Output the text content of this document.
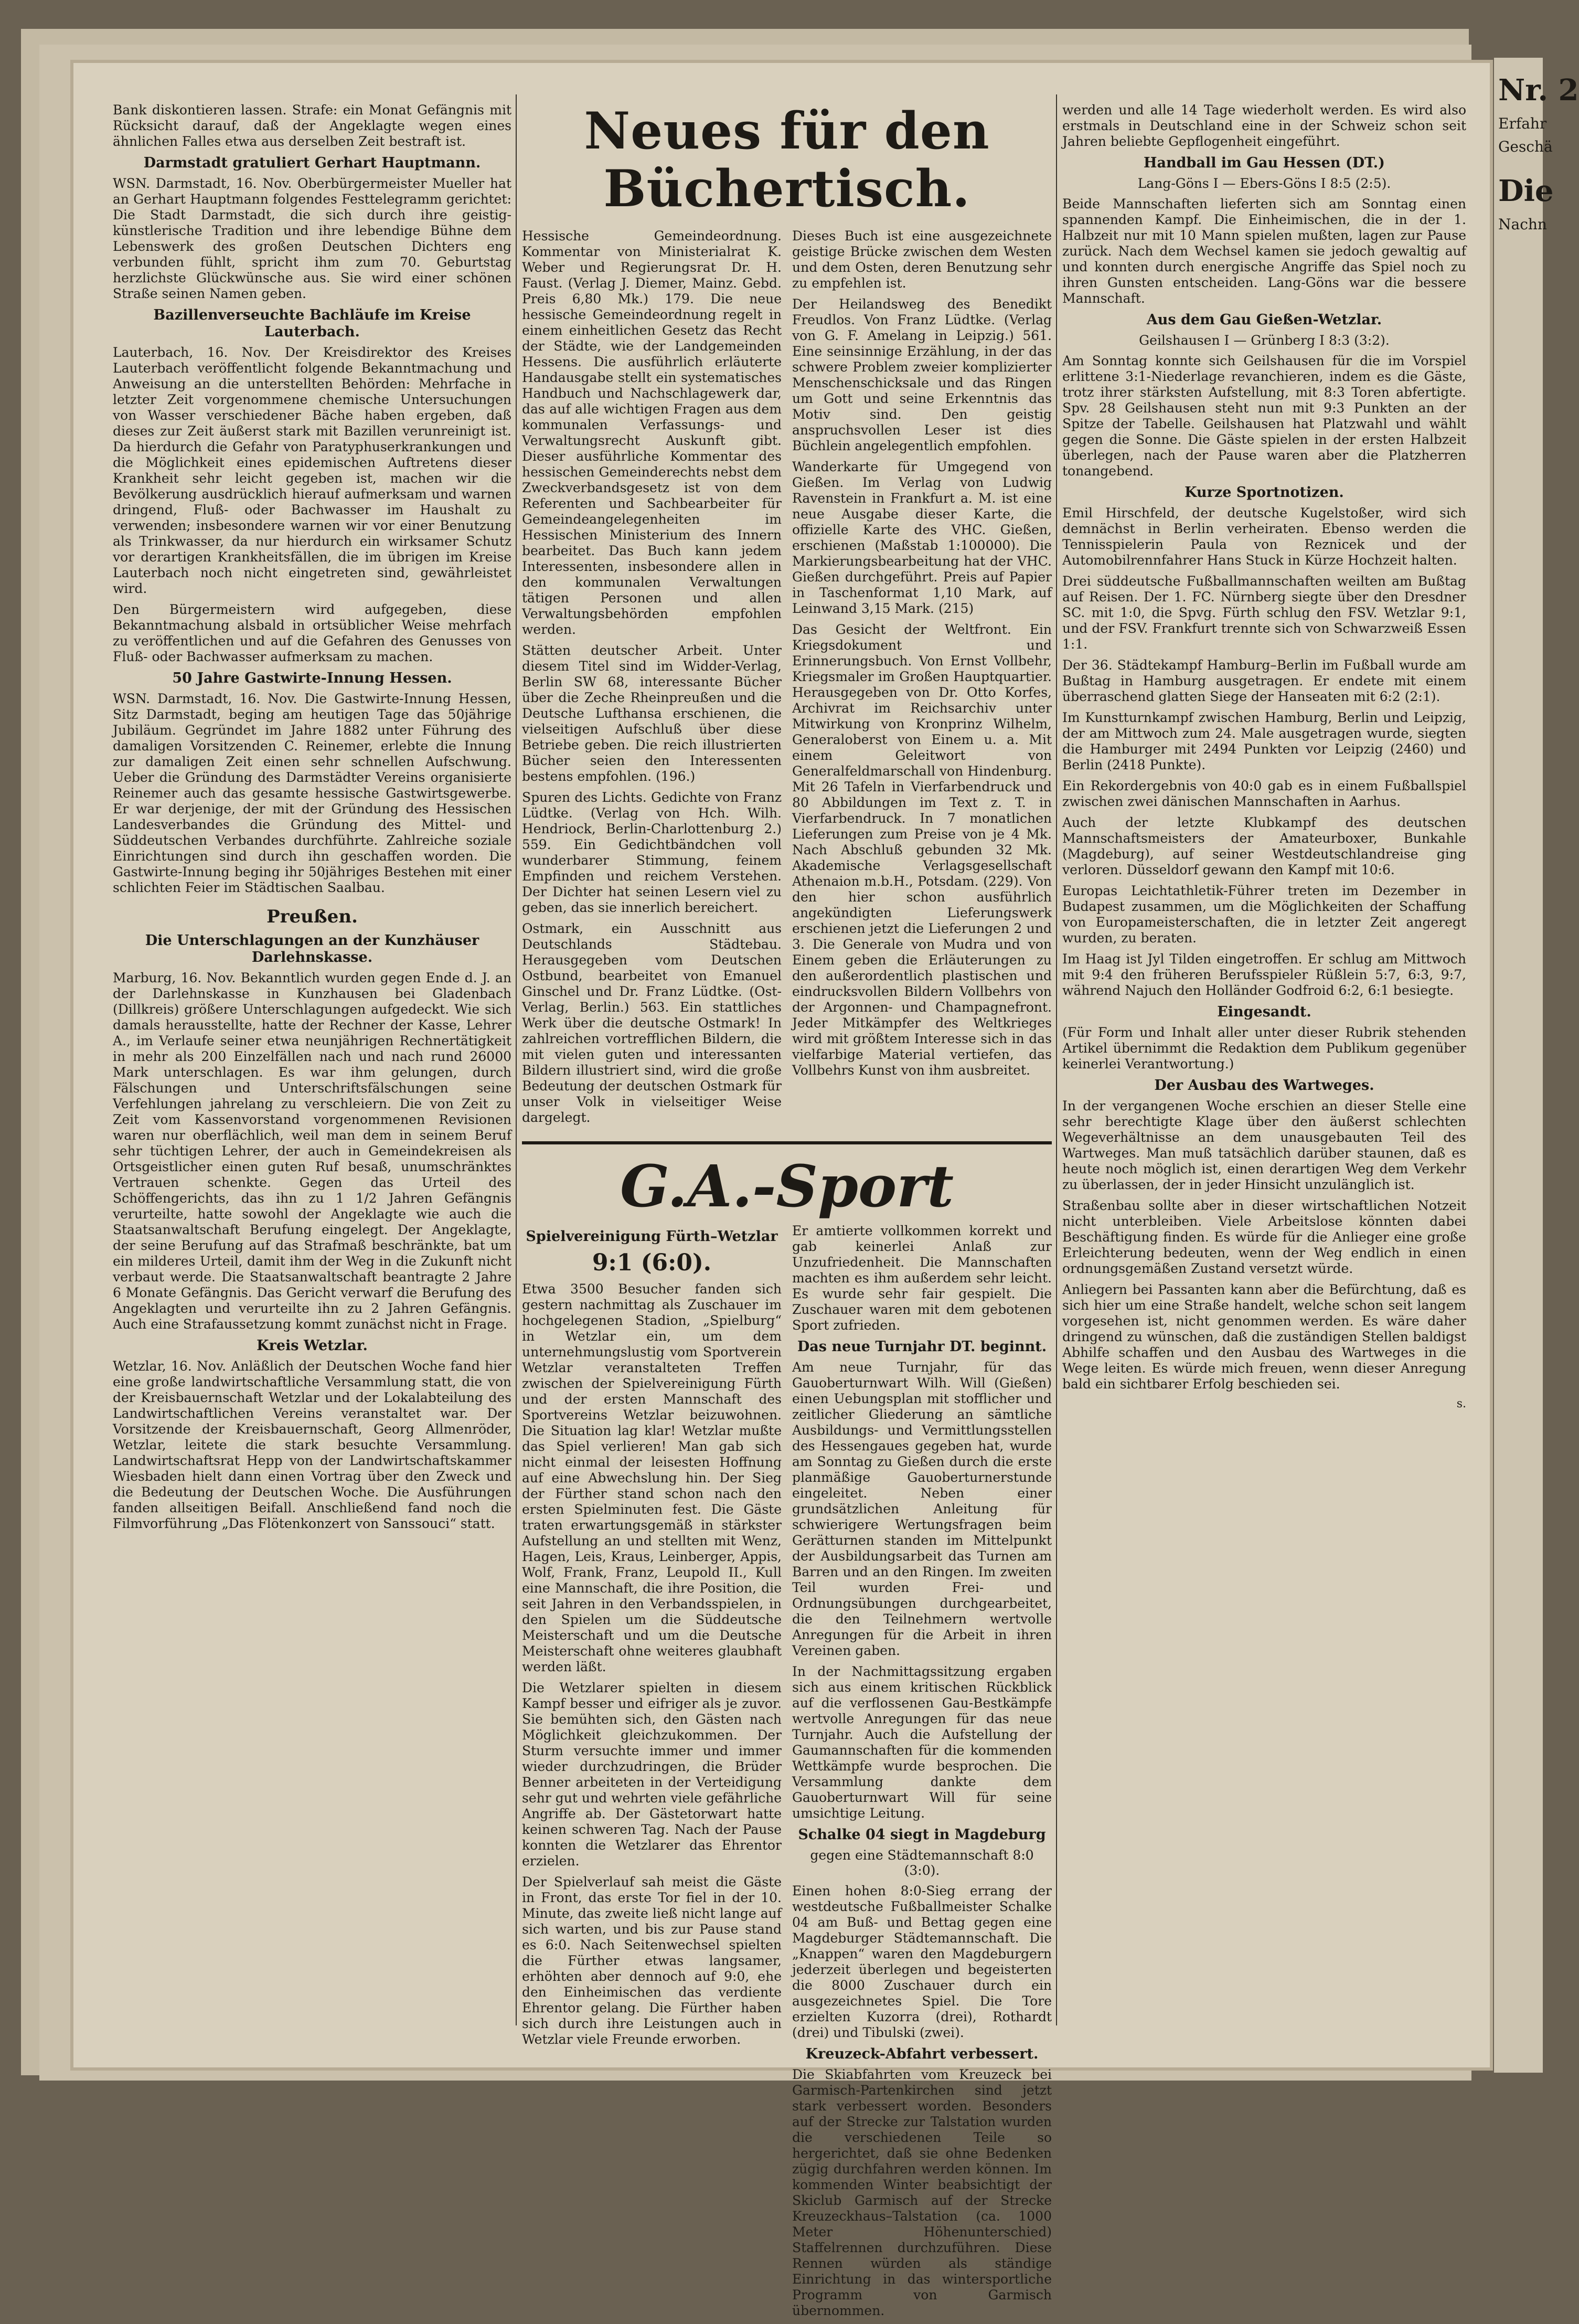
Bank diskontieren lassen. Strafe: ein Monat Gefängnis mit Rücksicht darauf, daß der Angeklagte wegen eines ähnlichen Falles etwa aus derselben Zeit bestraft ist.

Darmstadt gratuliert Gerhart Hauptmann.

WSN. Darmstadt, 16. Nov. Oberbürgermeister Mueller hat an Gerhart Hauptmann folgendes Festtelegramm gerichtet: Die Stadt Darmstadt, die sich durch ihre geistig-künstlerische Tradition und ihre lebendige Bühne dem Lebenswerk des großen Deutschen Dichters eng verbunden fühlt, spricht ihm zum 70. Geburtstag herzlichste Glückwünsche aus. Sie wird einer schönen Straße seinen Namen geben.

Bazillenverseuchte Bachläufe im Kreise Lauterbach.

Lauterbach, 16. Nov. Der Kreisdirektor des Kreises Lauterbach veröffentlicht folgende Bekanntmachung und Anweisung an die unterstellten Behörden: Mehrfache in letzter Zeit vorgenommene chemische Untersuchungen von Wasser verschiedener Bäche haben ergeben, daß dieses zur Zeit äußerst stark mit Bazillen verunreinigt ist. Da hierdurch die Gefahr von Paratyphuserkrankungen und die Möglichkeit eines epidemischen Auftretens dieser Krankheit sehr leicht gegeben ist, machen wir die Bevölkerung ausdrücklich hierauf aufmerksam und warnen dringend, Fluß- oder Bachwasser im Haushalt zu verwenden; insbesondere warnen wir vor einer Benutzung als Trinkwasser, da nur hierdurch ein wirksamer Schutz vor derartigen Krankheitsfällen, die im übrigen im Kreise Lauterbach noch nicht eingetreten sind, gewährleistet wird.

Den Bürgermeistern wird aufgegeben, diese Bekanntmachung alsbald in ortsüblicher Weise mehrfach zu veröffentlichen und auf die Gefahren des Genusses von Fluß- oder Bachwasser aufmerksam zu machen.

50 Jahre Gastwirte-Innung Hessen.

WSN. Darmstadt, 16. Nov. Die Gastwirte-Innung Hessen, Sitz Darmstadt, beging am heutigen Tage das 50jährige Jubiläum. Gegründet im Jahre 1882 unter Führung des damaligen Vorsitzenden C. Reinemer, erlebte die Innung zur damaligen Zeit einen sehr schnellen Aufschwung. Ueber die Gründung des Darmstädter Vereins organisierte Reinemer auch das gesamte hessische Gastwirtsgewerbe. Er war derjenige, der mit der Gründung des Hessischen Landesverbandes die Gründung des Mittel- und Süddeutschen Verbandes durchführte. Zahlreiche soziale Einrichtungen sind durch ihn geschaffen worden. Die Gastwirte-Innung beging ihr 50jähriges Bestehen mit einer schlichten Feier im Städtischen Saalbau.

Preußen.
Die Unterschlagungen an der Kunzhäuser Darlehnskasse.

Marburg, 16. Nov. Bekanntlich wurden gegen Ende d. J. an der Darlehnskasse in Kunzhausen bei Gladenbach (Dillkreis) größere Unterschlagungen aufgedeckt. Wie sich damals herausstellte, hatte der Rechner der Kasse, Lehrer A., im Verlaufe seiner etwa neunjährigen Rechnertätigkeit in mehr als 200 Einzelfällen nach und nach rund 26000 Mark unterschlagen. Es war ihm gelungen, durch Fälschungen und Unterschriftsfälschungen seine Verfehlungen jahrelang zu verschleiern. Die von Zeit zu Zeit vom Kassenvorstand vorgenommenen Revisionen waren nur oberflächlich, weil man dem in seinem Beruf sehr tüchtigen Lehrer, der auch in Gemeindekreisen als Ortsgeistlicher einen guten Ruf besaß, unumschränktes Vertrauen schenkte. Gegen das Urteil des Schöffengerichts, das ihn zu 1 1/2 Jahren Gefängnis verurteilte, hatte sowohl der Angeklagte wie auch die Staatsanwaltschaft Berufung eingelegt. Der Angeklagte, der seine Berufung auf das Strafmaß beschränkte, bat um ein milderes Urteil, damit ihm der Weg in die Zukunft nicht verbaut werde. Die Staatsanwaltschaft beantragte 2 Jahre 6 Monate Gefängnis. Das Gericht verwarf die Berufung des Angeklagten und verurteilte ihn zu 2 Jahren Gefängnis. Auch eine Strafaussetzung kommt zunächst nicht in Frage.

Kreis Wetzlar.

Wetzlar, 16. Nov. Anläßlich der Deutschen Woche fand hier eine große landwirtschaftliche Versammlung statt, die von der Kreisbauernschaft Wetzlar und der Lokalabteilung des Landwirtschaftlichen Vereins veranstaltet war. Der Vorsitzende der Kreisbauernschaft, Georg Allmenröder, Wetzlar, leitete die stark besuchte Versammlung. Landwirtschaftsrat Hepp von der Landwirtschaftskammer Wiesbaden hielt dann einen Vortrag über den Zweck und die Bedeutung der Deutschen Woche. Die Ausführungen fanden allseitigen Beifall. Anschließend fand noch die Filmvorführung „Das Flötenkonzert von Sanssouci“ statt.

Neues für den Büchertisch.

Hessische Gemeindeordnung. Kommentar von Ministerialrat K. Weber und Regierungsrat Dr. H. Faust. (Verlag J. Diemer, Mainz. Gebd. Preis 6,80 Mk.) 179. Die neue hessische Gemeindeordnung regelt in einem einheitlichen Gesetz das Recht der Städte, wie der Landgemeinden Hessens. Die ausführlich erläuterte Handausgabe stellt ein systematisches Handbuch und Nachschlagewerk dar, das auf alle wichtigen Fragen aus dem kommunalen Verfassungs- und Verwaltungsrecht Auskunft gibt. Dieser ausführliche Kommentar des hessischen Gemeinderechts nebst dem Zweckverbandsgesetz ist von dem Referenten und Sachbearbeiter für Gemeindeangelegenheiten im Hessischen Ministerium des Innern bearbeitet. Das Buch kann jedem Interessenten, insbesondere allen in den kommunalen Verwaltungen tätigen Personen und allen Verwaltungsbehörden empfohlen werden.

Stätten deutscher Arbeit. Unter diesem Titel sind im Widder-Verlag, Berlin SW 68, interessante Bücher über die Zeche Rheinpreußen und die Deutsche Lufthansa erschienen, die vielseitigen Aufschluß über diese Betriebe geben. Die reich illustrierten Bücher seien den Interessenten bestens empfohlen. (196.)

Spuren des Lichts. Gedichte von Franz Lüdtke. (Verlag von Hch. Wilh. Hendriock, Berlin-Charlottenburg 2.) 559. Ein Gedichtbändchen voll wunderbarer Stimmung, feinem Empfinden und reichem Verstehen. Der Dichter hat seinen Lesern viel zu geben, das sie innerlich bereichert.

Ostmark, ein Ausschnitt aus Deutschlands Städtebau. Herausgegeben vom Deutschen Ostbund, bearbeitet von Emanuel Ginschel und Dr. Franz Lüdtke. (Ost-Verlag, Berlin.) 563. Ein stattliches Werk über die deutsche Ostmark! In zahlreichen vortrefflichen Bildern, die mit vielen guten und interessanten Bildern illustriert sind, wird die große Bedeutung der deutschen Ostmark für unser Volk in vielseitiger Weise dargelegt.

Dieses Buch ist eine ausgezeichnete geistige Brücke zwischen dem Westen und dem Osten, deren Benutzung sehr zu empfehlen ist.

Der Heilandsweg des Benedikt Freudlos. Von Franz Lüdtke. (Verlag von G. F. Amelang in Leipzig.) 561. Eine seinsinnige Erzählung, in der das schwere Problem zweier komplizierter Menschenschicksale und das Ringen um Gott und seine Erkenntnis das Motiv sind. Den geistig anspruchsvollen Leser ist dies Büchlein angelegentlich empfohlen.

Wanderkarte für Umgegend von Gießen. Im Verlag von Ludwig Ravenstein in Frankfurt a. M. ist eine neue Ausgabe dieser Karte, die offizielle Karte des VHC. Gießen, erschienen (Maßstab 1:100000). Die Markierungsbearbeitung hat der VHC. Gießen durchgeführt. Preis auf Papier in Taschenformat 1,10 Mark, auf Leinwand 3,15 Mark. (215)

Das Gesicht der Weltfront. Ein Kriegsdokument und Erinnerungsbuch. Von Ernst Vollbehr, Kriegsmaler im Großen Hauptquartier. Herausgegeben von Dr. Otto Korfes, Archivrat im Reichsarchiv unter Mitwirkung von Kronprinz Wilhelm, Generaloberst von Einem u. a. Mit einem Geleitwort von Generalfeldmarschall von Hindenburg. Mit 26 Tafeln in Vierfarbendruck und 80 Abbildungen im Text z. T. in Vierfarbendruck. In 7 monatlichen Lieferungen zum Preise von je 4 Mk. Nach Abschluß gebunden 32 Mk. Akademische Verlagsgesellschaft Athenaion m.b.H., Potsdam. (229). Von den hier schon ausführlich angekündigten Lieferungswerk erschienen jetzt die Lieferungen 2 und 3. Die Generale von Mudra und von Einem geben die Erläuterungen zu den außerordentlich plastischen und eindrucksvollen Bildern Vollbehrs von der Argonnen- und Champagnefront. Jeder Mitkämpfer des Weltkrieges wird mit größtem Interesse sich in das vielfarbige Material vertiefen, das Vollbehrs Kunst von ihm ausbreitet.

G.A.-Sport
Spielvereinigung Fürth–Wetzlar
9:1 (6:0).

Etwa 3500 Besucher fanden sich gestern nachmittag als Zuschauer im hochgelegenen Stadion, „Spielburg“ in Wetzlar ein, um dem unternehmungslustig vom Sportverein Wetzlar veranstalteten Treffen zwischen der Spielvereinigung Fürth und der ersten Mannschaft des Sportvereins Wetzlar beizuwohnen. Die Situation lag klar! Wetzlar mußte das Spiel verlieren! Man gab sich nicht einmal der leisesten Hoffnung auf eine Abwechslung hin. Der Sieg der Fürther stand schon nach den ersten Spielminuten fest. Die Gäste traten erwartungsgemäß in stärkster Aufstellung an und stellten mit Wenz, Hagen, Leis, Kraus, Leinberger, Appis, Wolf, Frank, Franz, Leupold II., Kull eine Mannschaft, die ihre Position, die seit Jahren in den Verbandsspielen, in den Spielen um die Süddeutsche Meisterschaft und um die Deutsche Meisterschaft ohne weiteres glaubhaft werden läßt.

Die Wetzlarer spielten in diesem Kampf besser und eifriger als je zuvor. Sie bemühten sich, den Gästen nach Möglichkeit gleichzukommen. Der Sturm versuchte immer und immer wieder durchzudringen, die Brüder Benner arbeiteten in der Verteidigung sehr gut und wehrten viele gefährliche Angriffe ab. Der Gästetorwart hatte keinen schweren Tag. Nach der Pause konnten die Wetzlarer das Ehrentor erzielen.

Der Spielverlauf sah meist die Gäste in Front, das erste Tor fiel in der 10. Minute, das zweite ließ nicht lange auf sich warten, und bis zur Pause stand es 6:0. Nach Seitenwechsel spielten die Fürther etwas langsamer, erhöhten aber dennoch auf 9:0, ehe den Einheimischen das verdiente Ehrentor gelang. Die Fürther haben sich durch ihre Leistungen auch in Wetzlar viele Freunde erworben.

Er amtierte vollkommen korrekt und gab keinerlei Anlaß zur Unzufriedenheit. Die Mannschaften machten es ihm außerdem sehr leicht. Es wurde sehr fair gespielt. Die Zuschauer waren mit dem gebotenen Sport zufrieden.

Das neue Turnjahr DT. beginnt.

Am neue Turnjahr, für das Gauoberturnwart Wilh. Will (Gießen) einen Uebungsplan mit stofflicher und zeitlicher Gliederung an sämtliche Ausbildungs- und Vermittlungsstellen des Hessengaues gegeben hat, wurde am Sonntag zu Gießen durch die erste planmäßige Gauoberturnerstunde eingeleitet. Neben einer grundsätzlichen Anleitung für schwierigere Wertungsfragen beim Gerätturnen standen im Mittelpunkt der Ausbildungsarbeit das Turnen am Barren und an den Ringen. Im zweiten Teil wurden Frei- und Ordnungsübungen durchgearbeitet, die den Teilnehmern wertvolle Anregungen für die Arbeit in ihren Vereinen gaben.

In der Nachmittagssitzung ergaben sich aus einem kritischen Rückblick auf die verflossenen Gau-Bestkämpfe wertvolle Anregungen für das neue Turnjahr. Auch die Aufstellung der Gaumannschaften für die kommenden Wettkämpfe wurde besprochen. Die Versammlung dankte dem Gauoberturnwart Will für seine umsichtige Leitung.

Schalke 04 siegt in Magdeburg
gegen eine Städtemannschaft 8:0 (3:0).

Einen hohen 8:0-Sieg errang der westdeutsche Fußballmeister Schalke 04 am Buß- und Bettag gegen eine Magdeburger Städtemannschaft. Die „Knappen“ waren den Magdeburgern jederzeit überlegen und begeisterten die 8000 Zuschauer durch ein ausgezeichnetes Spiel. Die Tore erzielten Kuzorra (drei), Rothardt (drei) und Tibulski (zwei).

Kreuzeck-Abfahrt verbessert.

Die Skiabfahrten vom Kreuzeck bei Garmisch-Partenkirchen sind jetzt stark verbessert worden. Besonders auf der Strecke zur Talstation wurden die verschiedenen Teile so hergerichtet, daß sie ohne Bedenken zügig durchfahren werden können. Im kommenden Winter beabsichtigt der Skiclub Garmisch auf der Strecke Kreuzeckhaus–Talstation (ca. 1000 Meter Höhenunterschied) Staffelrennen durchzuführen. Diese Rennen würden als ständige Einrichtung in das wintersportliche Programm von Garmisch übernommen.

werden und alle 14 Tage wiederholt werden. Es wird also erstmals in Deutschland eine in der Schweiz schon seit Jahren beliebte Gepflogenheit eingeführt.

Handball im Gau Hessen (DT.)
Lang-Göns I — Ebers-Göns I 8:5 (2:5).

Beide Mannschaften lieferten sich am Sonntag einen spannenden Kampf. Die Einheimischen, die in der 1. Halbzeit nur mit 10 Mann spielen mußten, lagen zur Pause zurück. Nach dem Wechsel kamen sie jedoch gewaltig auf und konnten durch energische Angriffe das Spiel noch zu ihren Gunsten entscheiden. Lang-Göns war die bessere Mannschaft.

Aus dem Gau Gießen-Wetzlar.
Geilshausen I — Grünberg I 8:3 (3:2).

Am Sonntag konnte sich Geilshausen für die im Vorspiel erlittene 3:1-Niederlage revanchieren, indem es die Gäste, trotz ihrer stärksten Aufstellung, mit 8:3 Toren abfertigte. Spv. 28 Geilshausen steht nun mit 9:3 Punkten an der Spitze der Tabelle. Geilshausen hat Platzwahl und wählt gegen die Sonne. Die Gäste spielen in der ersten Halbzeit überlegen, nach der Pause waren aber die Platzherren tonangebend.

Kurze Sportnotizen.

Emil Hirschfeld, der deutsche Kugelstoßer, wird sich demnächst in Berlin verheiraten. Ebenso werden die Tennisspielerin Paula von Reznicek und der Automobilrennfahrer Hans Stuck in Kürze Hochzeit halten.

Drei süddeutsche Fußballmannschaften weilten am Bußtag auf Reisen. Der 1. FC. Nürnberg siegte über den Dresdner SC. mit 1:0, die Spvg. Fürth schlug den FSV. Wetzlar 9:1, und der FSV. Frankfurt trennte sich von Schwarzweiß Essen 1:1.

Der 36. Städtekampf Hamburg–Berlin im Fußball wurde am Bußtag in Hamburg ausgetragen. Er endete mit einem überraschend glatten Siege der Hanseaten mit 6:2 (2:1).

Im Kunstturnkampf zwischen Hamburg, Berlin und Leipzig, der am Mittwoch zum 24. Male ausgetragen wurde, siegten die Hamburger mit 2494 Punkten vor Leipzig (2460) und Berlin (2418 Punkte).

Ein Rekordergebnis von 40:0 gab es in einem Fußballspiel zwischen zwei dänischen Mannschaften in Aarhus.

Auch der letzte Klubkampf des deutschen Mannschaftsmeisters der Amateurboxer, Bunkahle (Magdeburg), auf seiner Westdeutschlandreise ging verloren. Düsseldorf gewann den Kampf mit 10:6.

Europas Leichtathletik-Führer treten im Dezember in Budapest zusammen, um die Möglichkeiten der Schaffung von Europameisterschaften, die in letzter Zeit angeregt wurden, zu beraten.

Im Haag ist Jyl Tilden eingetroffen. Er schlug am Mittwoch mit 9:4 den früheren Berufsspieler Rüßlein 5:7, 6:3, 9:7, während Najuch den Holländer Godfroid 6:2, 6:1 besiegte.

Eingesandt.

(Für Form und Inhalt aller unter dieser Rubrik stehenden Artikel übernimmt die Redaktion dem Publikum gegenüber keinerlei Verantwortung.)

Der Ausbau des Wartweges.

In der vergangenen Woche erschien an dieser Stelle eine sehr berechtigte Klage über den äußerst schlechten Wegeverhältnisse an dem unausgebauten Teil des Wartweges. Man muß tatsächlich darüber staunen, daß es heute noch möglich ist, einen derartigen Weg dem Verkehr zu überlassen, der in jeder Hinsicht unzulänglich ist.

Straßenbau sollte aber in dieser wirtschaftlichen Notzeit nicht unterbleiben. Viele Arbeitslose könnten dabei Beschäftigung finden. Es würde für die Anlieger eine große Erleichterung bedeuten, wenn der Weg endlich in einen ordnungsgemäßen Zustand versetzt würde.

Anliegern bei Passanten kann aber die Befürchtung, daß es sich hier um eine Straße handelt, welche schon seit langem vorgesehen ist, nicht genommen werden. Es wäre daher dringend zu wünschen, daß die zuständigen Stellen baldigst Abhilfe schaffen und den Ausbau des Wartweges in die Wege leiten. Es würde mich freuen, wenn dieser Anregung bald ein sichtbarer Erfolg beschieden sei.

s.
Nr. 2
Erfahr
Geschä
Die
Nachn
